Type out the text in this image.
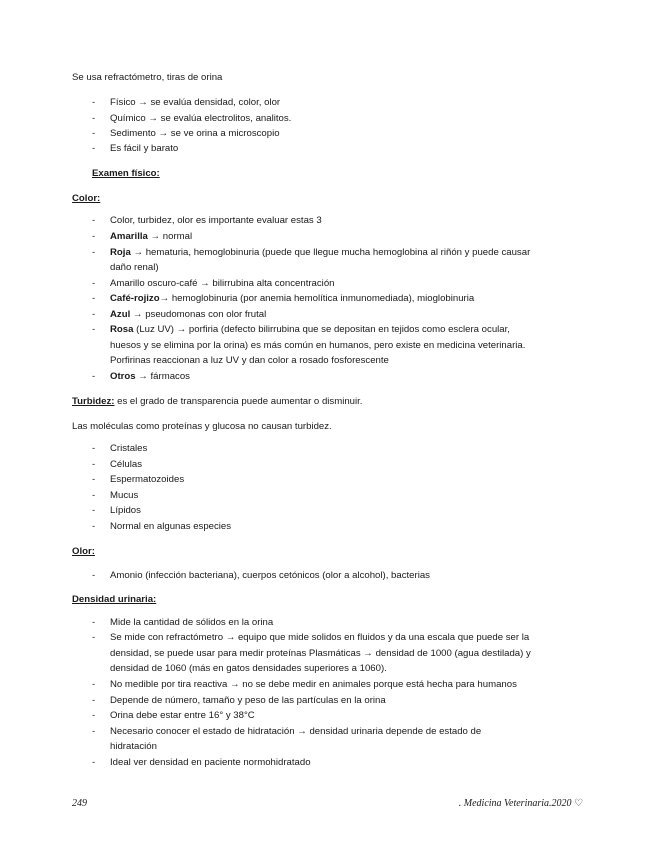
Se usa refractómetro, tiras de orina
- Físico → se evalúa densidad, color, olor
- Químico → se evalúa electrolitos, analitos.
- Sedimento → se ve orina a microscopio
- Es fácil y barato
Examen físico:
Color:
- Color, turbidez, olor es importante evaluar estas 3
- Amarilla → normal
- Roja → hematuria, hemoglobinuria (puede que llegue mucha hemoglobina al riñón y puede causar
daño renal)
- Amarillo oscuro-café → bilirrubina alta concentración
- Café-rojizo→ hemoglobinuria (por anemia hemolítica inmunomediada), mioglobinuria
- Azul → pseudomonas con olor frutal
- Rosa (Luz UV) → porfiria (defecto bilirrubina que se depositan en tejidos como esclera ocular,
huesos y se elimina por la orina) es más común en humanos, pero existe en medicina veterinaria.
Porfirinas reaccionan a luz UV y dan color a rosado fosforescente
- Otros → fármacos
Turbidez: es el grado de transparencia puede aumentar o disminuir.
Las moléculas como proteínas y glucosa no causan turbidez.
- Cristales
- Células
- Espermatozoides
- Mucus
- Lípidos
- Normal en algunas especies
Olor:
- Amonio (infección bacteriana), cuerpos cetónicos (olor a alcohol), bacterias
Densidad urinaria:
- Mide la cantidad de sólidos en la orina
- Se mide con refractómetro → equipo que mide solidos en fluidos y da una escala que puede ser la
densidad, se puede usar para medir proteínas Plasmáticas → densidad de 1000 (agua destilada) y
densidad de 1060 (más en gatos densidades superiores a 1060).
- No medible por tira reactiva → no se debe medir en animales porque está hecha para humanos
- Depende de número, tamaño y peso de las partículas en la orina
- Orina debe estar entre 16° y 38°C
- Necesario conocer el estado de hidratación → densidad urinaria depende de estado de
hidratación
- Ideal ver densidad en paciente normohidratado
249	. Medicina Veterinaria.2020 ♡
